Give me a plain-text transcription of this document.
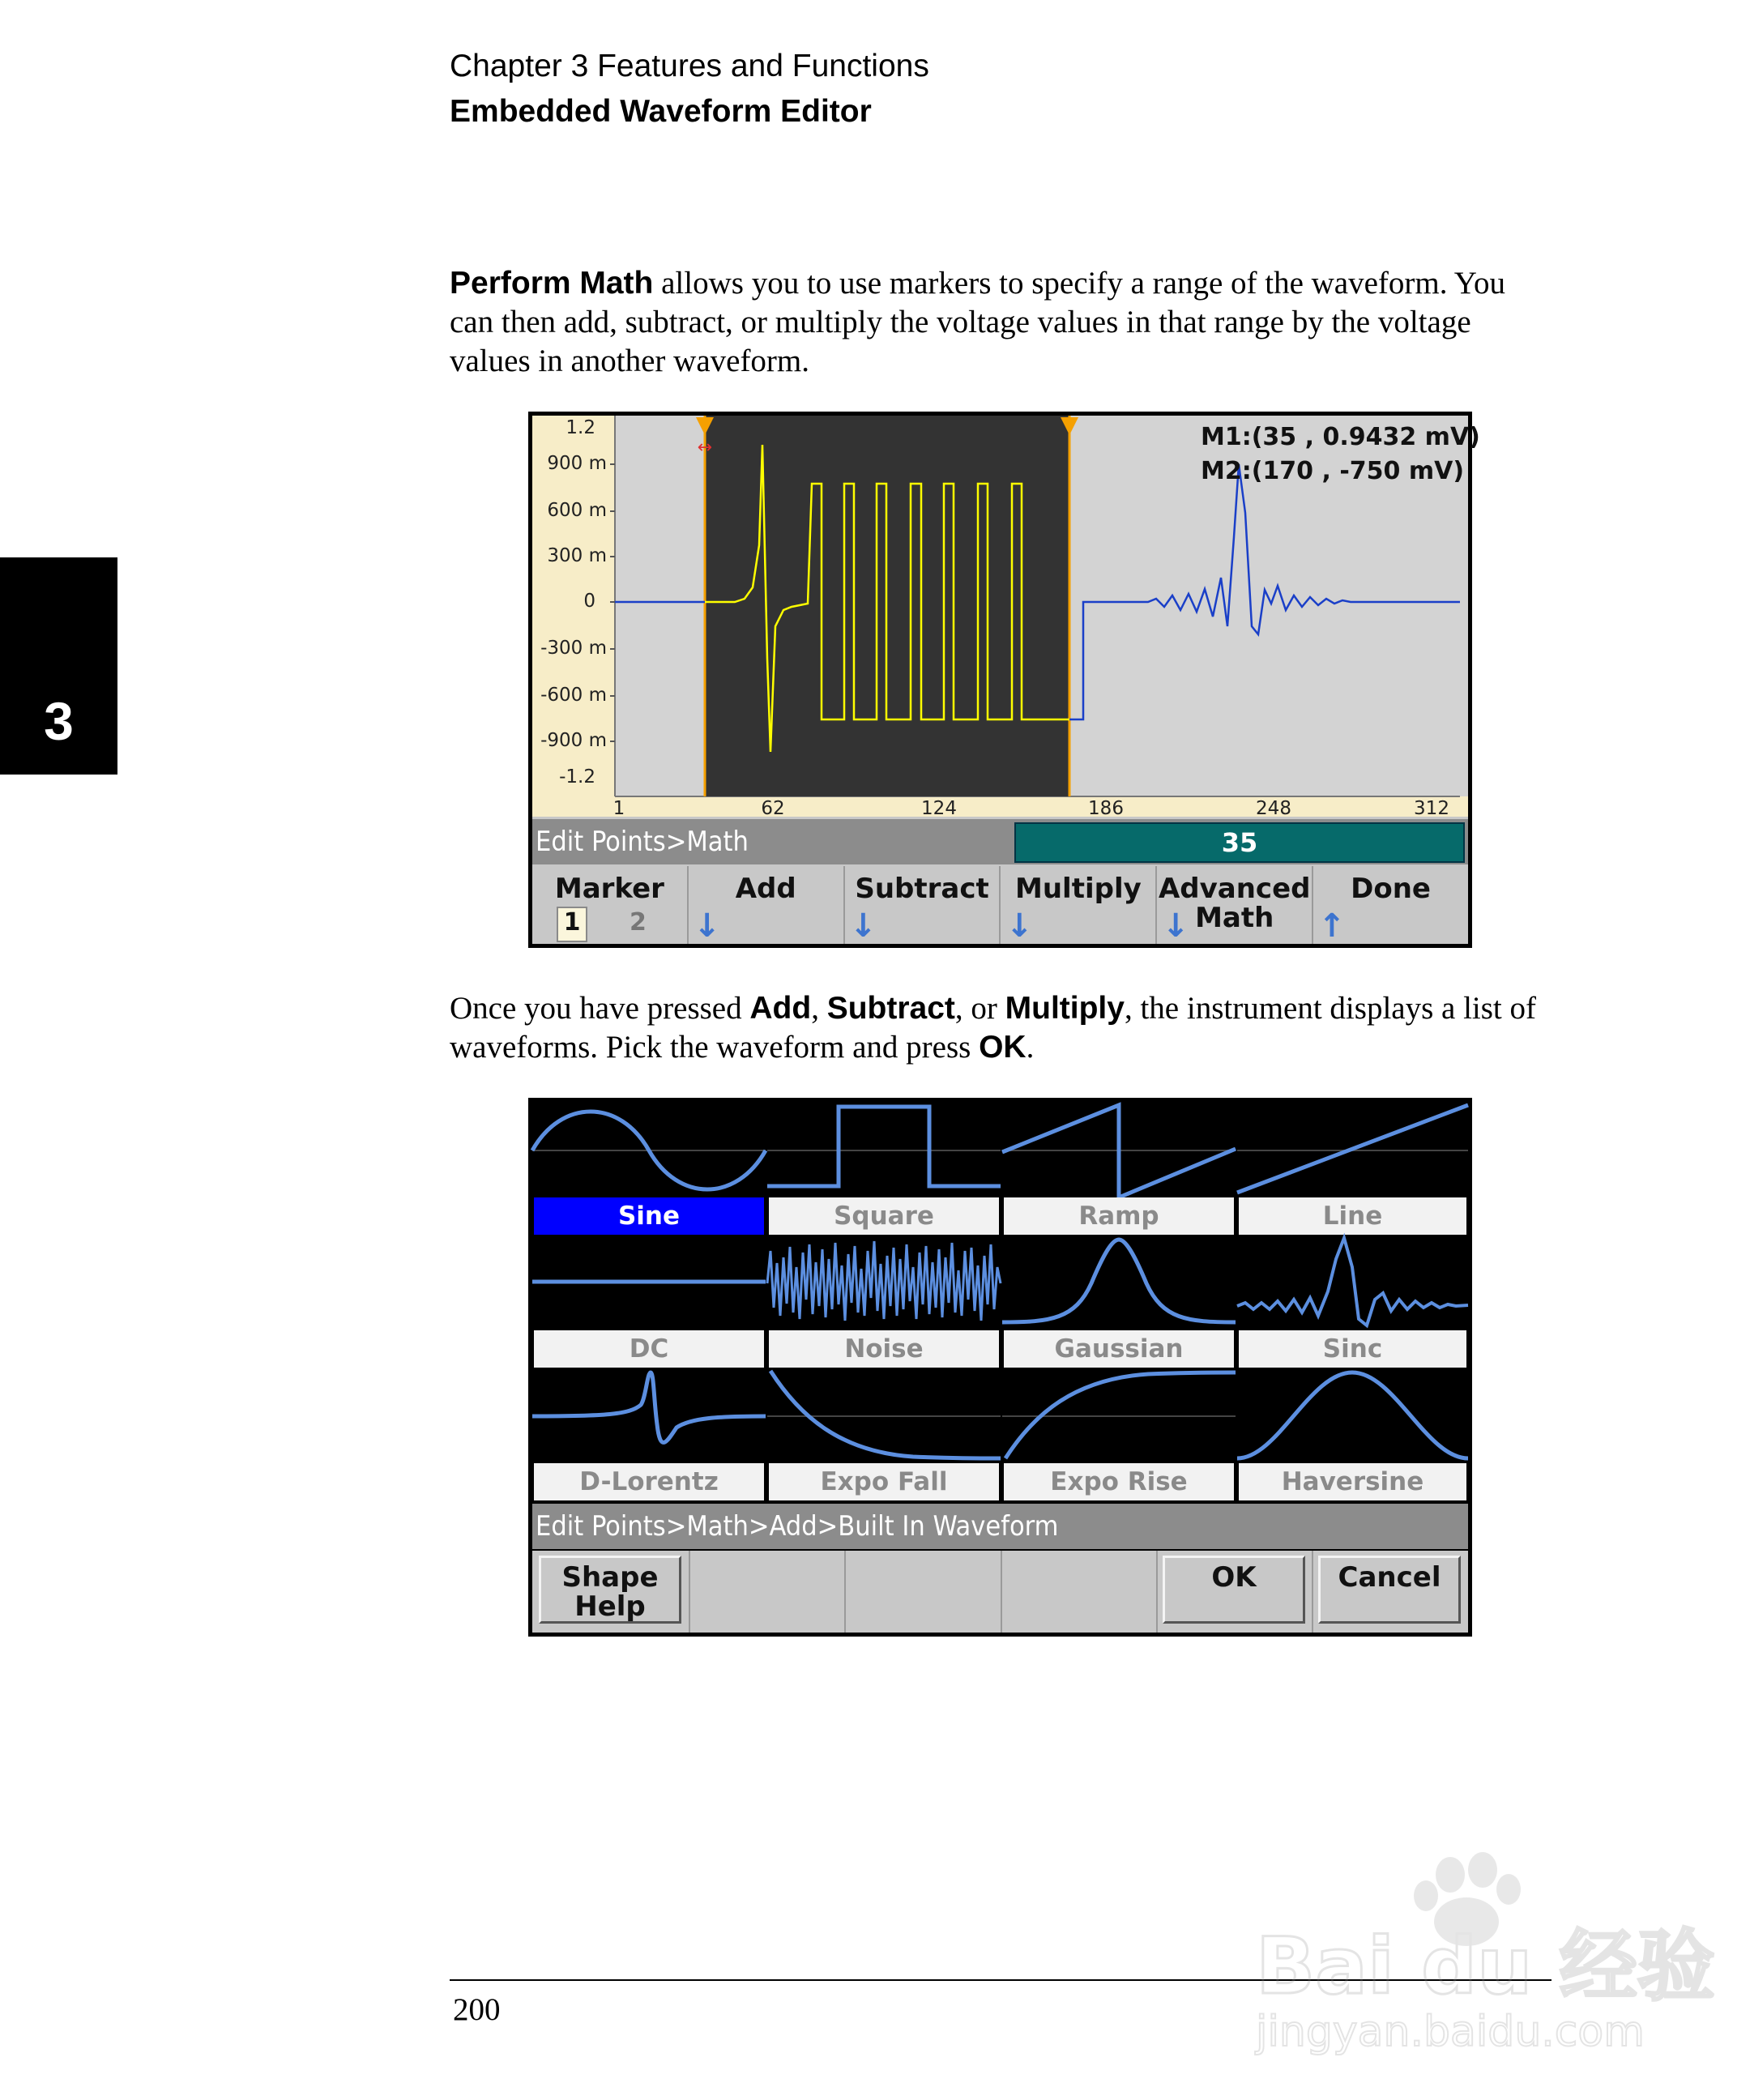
Chapter 3 Features and Functions
Embedded Waveform Editor
3
Perform Math allows you to use markers to specify a range of the waveform. You can then add, subtract, or multiply the voltage values in that range by the voltage values in another waveform.
1.2
900 m
600 m
300 m
0
-300 m
-600 m
-900 m
-1.2
1	62	124	186	248	312
↔	M1:(35 , 0.9432 mV)
M2:(170 , -750 mV)
Edit Points>Math	35
Marker
1 2
Add
↓
Subtract
↓
Multiply
↓
Advanced
Math
↓
Done
↑
Once you have pressed Add, Subtract, or Multiply, the instrument displays a list of waveforms. Pick the waveform and press OK.
Sine	Square	Ramp	Line
DC	Noise	Gaussian	Sinc
D-Lorentz	Expo Fall	Expo Rise	Haversine
Edit Points>Math>Add>Built In Waveform
Shape
Help
OK	Cancel
200	Bai du 经验
jingyan.baidu.com
